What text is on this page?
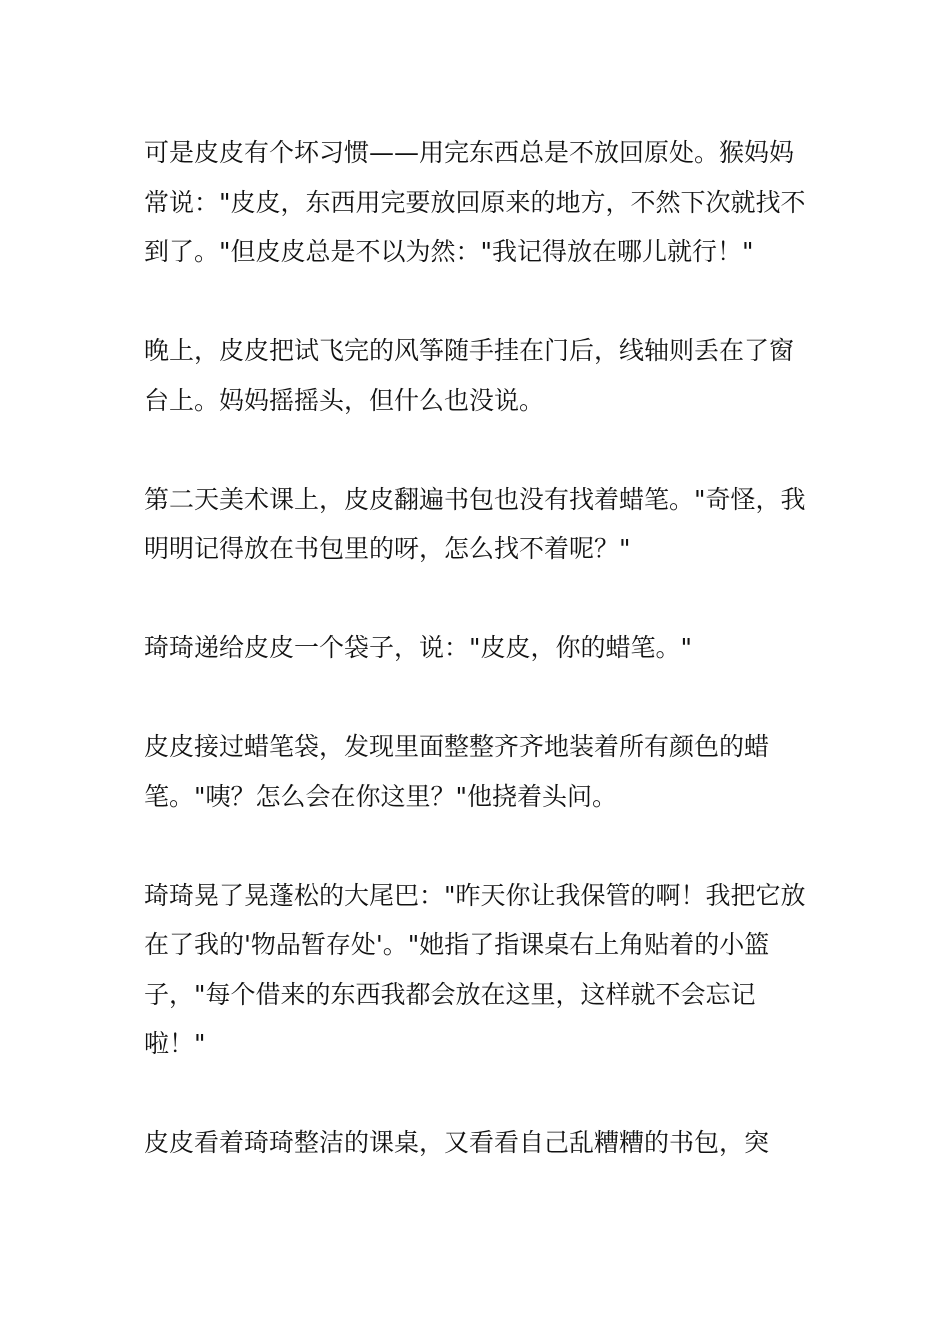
可是皮皮有个坏习惯——用完东西总是不放回原处。猴妈妈常说："皮皮，东西用完要放回原来的地方，不然下次就找不到了。"但皮皮总是不以为然："我记得放在哪儿就行！"

晚上，皮皮把试飞完的风筝随手挂在门后，线轴则丢在了窗台上。妈妈摇摇头，但什么也没说。

第二天美术课上，皮皮翻遍书包也没有找着蜡笔。"奇怪，我明明记得放在书包里的呀，怎么找不着呢？"

琦琦递给皮皮一个袋子，说："皮皮，你的蜡笔。"

皮皮接过蜡笔袋，发现里面整整齐齐地装着所有颜色的蜡笔。"咦？怎么会在你这里？"他挠着头问。

琦琦晃了晃蓬松的大尾巴："昨天你让我保管的啊！我把它放在了我的'物品暂存处'。"她指了指课桌右上角贴着的小篮子，"每个借来的东西我都会放在这里，这样就不会忘记啦！"

皮皮看着琦琦整洁的课桌，又看看自己乱糟糟的书包，突
